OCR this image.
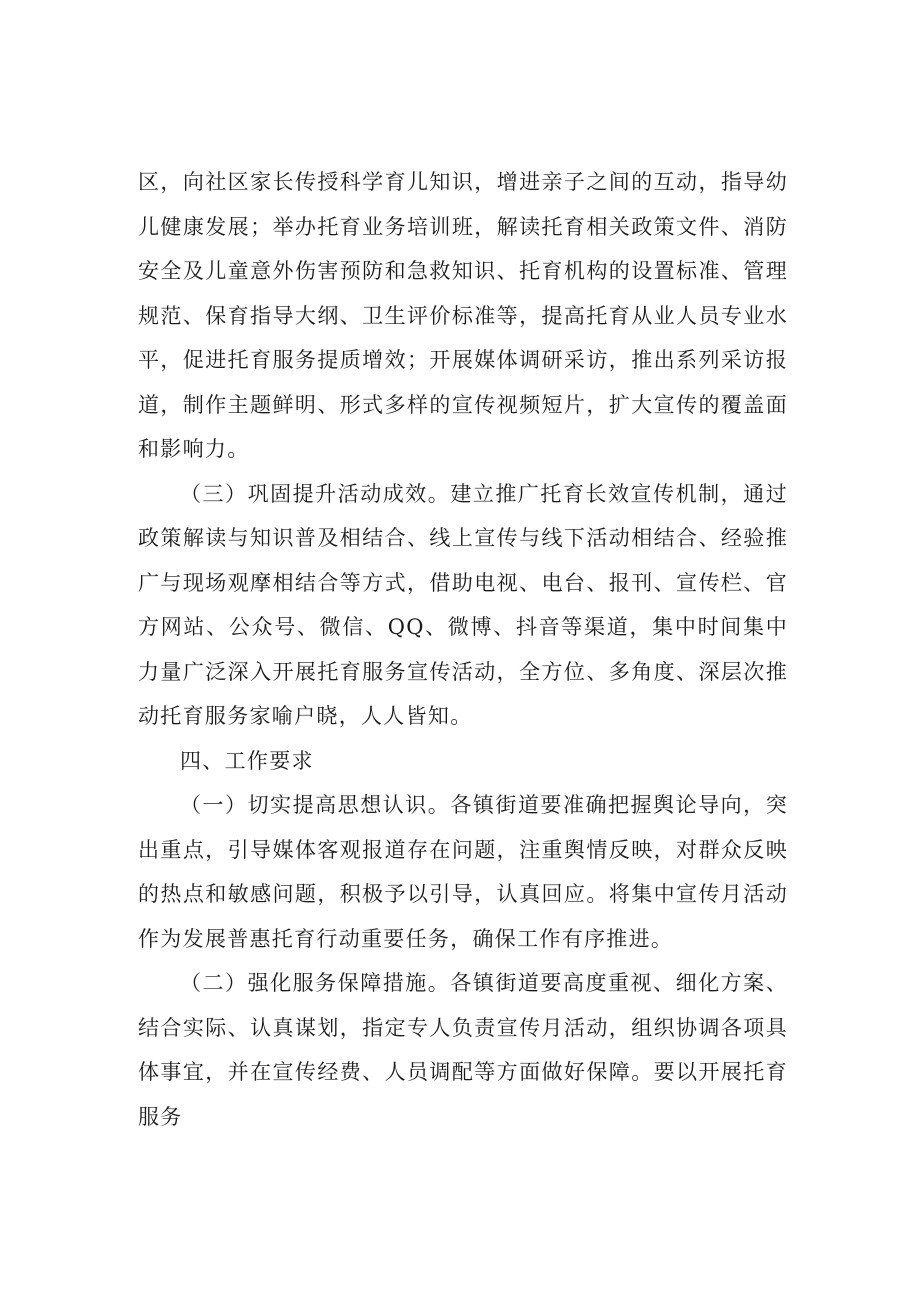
区，向社区家长传授科学育儿知识，增进亲子之间的互动，指导幼儿健康发展；举办托育业务培训班，解读托育相关政策文件、消防安全及儿童意外伤害预防和急救知识、托育机构的设置标准、管理规范、保育指导大纲、卫生评价标准等，提高托育从业人员专业水平，促进托育服务提质增效；开展媒体调研采访，推出系列采访报道，制作主题鲜明、形式多样的宣传视频短片，扩大宣传的覆盖面和影响力。

（三）巩固提升活动成效。建立推广托育长效宣传机制，通过政策解读与知识普及相结合、线上宣传与线下活动相结合、经验推广与现场观摩相结合等方式，借助电视、电台、报刊、宣传栏、官方网站、公众号、微信、QQ、微博、抖音等渠道，集中时间集中力量广泛深入开展托育服务宣传活动，全方位、多角度、深层次推动托育服务家喻户晓，人人皆知。

四、工作要求

（一）切实提高思想认识。各镇街道要准确把握舆论导向，突出重点，引导媒体客观报道存在问题，注重舆情反映，对群众反映的热点和敏感问题，积极予以引导，认真回应。将集中宣传月活动作为发展普惠托育行动重要任务，确保工作有序推进。

（二）强化服务保障措施。各镇街道要高度重视、细化方案、结合实际、认真谋划，指定专人负责宣传月活动，组织协调各项具体事宜，并在宣传经费、人员调配等方面做好保障。要以开展托育服务
